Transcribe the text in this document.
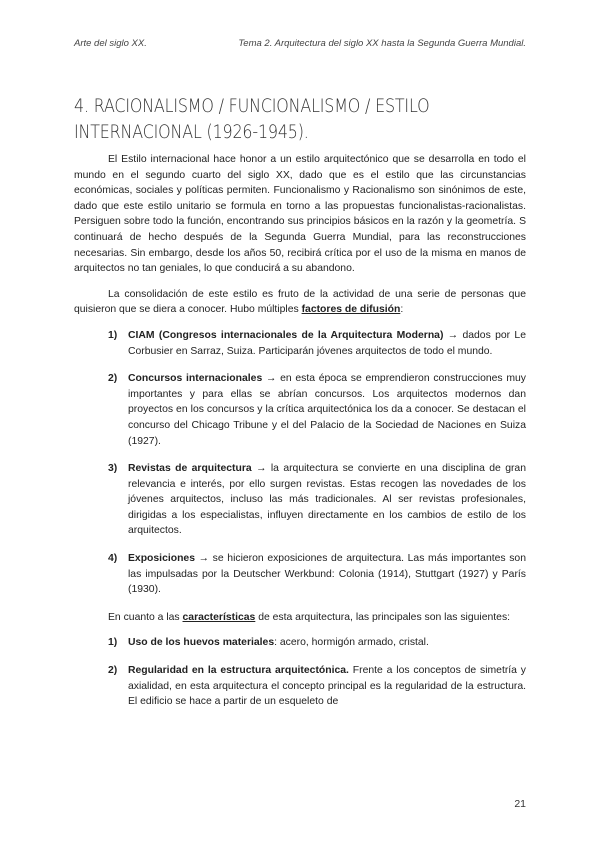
Arte del siglo XX.	Tema 2. Arquitectura del siglo XX hasta la Segunda Guerra Mundial.
4. RACIONALISMO / FUNCIONALISMO / ESTILO INTERNACIONAL (1926-1945).

El Estilo internacional hace honor a un estilo arquitectónico que se desarrolla en todo el mundo en el segundo cuarto del siglo XX, dado que es el estilo que las circunstancias económicas, sociales y políticas permiten. Funcionalismo y Racionalismo son sinónimos de este, dado que este estilo unitario se formula en torno a las propuestas funcionalistas-racionalistas. Persiguen sobre todo la función, encontrando sus principios básicos en la razón y la geometría. S continuará de hecho después de la Segunda Guerra Mundial, para las reconstrucciones necesarias. Sin embargo, desde los años 50, recibirá crítica por el uso de la misma en manos de arquitectos no tan geniales, lo que conducirá a su abandono.

La consolidación de este estilo es fruto de la actividad de una serie de personas que quisieron que se diera a conocer. Hubo múltiples factores de difusión:

1) CIAM (Congresos internacionales de la Arquitectura Moderna) → dados por Le Corbusier en Sarraz, Suiza. Participarán jóvenes arquitectos de todo el mundo.
2) Concursos internacionales → en esta época se emprendieron construcciones muy importantes y para ellas se abrían concursos. Los arquitectos modernos dan proyectos en los concursos y la crítica arquitectónica los da a conocer. Se destacan el concurso del Chicago Tribune y el del Palacio de la Sociedad de Naciones en Suiza (1927).
3) Revistas de arquitectura → la arquitectura se convierte en una disciplina de gran relevancia e interés, por ello surgen revistas. Estas recogen las novedades de los jóvenes arquitectos, incluso las más tradicionales. Al ser revistas profesionales, dirigidas a los especialistas, influyen directamente en los cambios de estilo de los arquitectos.
4) Exposiciones → se hicieron exposiciones de arquitectura. Las más importantes son las impulsadas por la Deutscher Werkbund: Colonia (1914), Stuttgart (1927) y París (1930).

En cuanto a las características de esta arquitectura, las principales son las siguientes:

1) Uso de los huevos materiales: acero, hormigón armado, cristal.
2) Regularidad en la estructura arquitectónica. Frente a los conceptos de simetría y axialidad, en esta arquitectura el concepto principal es la regularidad de la estructura. El edificio se hace a partir de un esqueleto de
21
